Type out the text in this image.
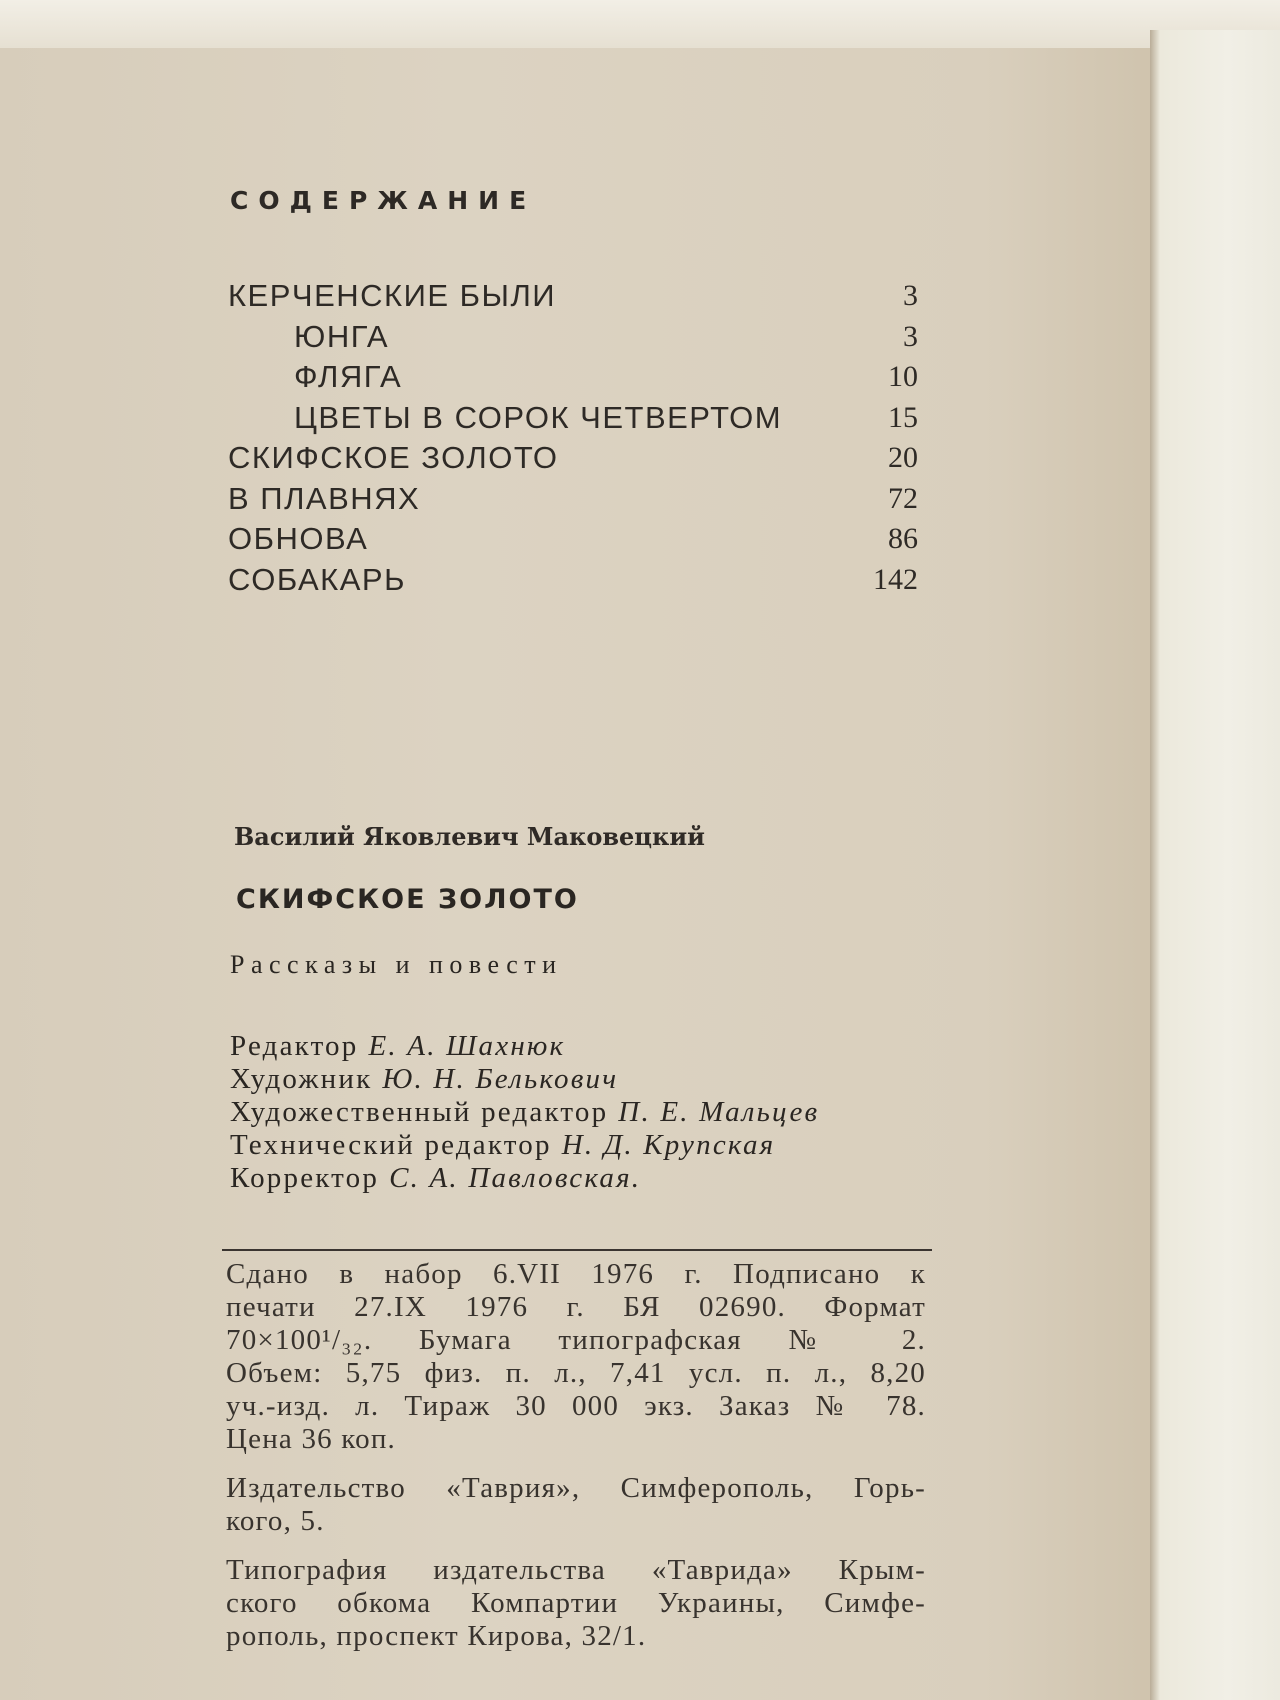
СОДЕРЖАНИЕ
КЕРЧЕНСКИЕ БЫЛИ	3
ЮНГА	3
ФЛЯГА	10
ЦВЕТЫ В СОРОК ЧЕТВЕРТОМ	15
СКИФСКОЕ ЗОЛОТО	20
В ПЛАВНЯХ	72
ОБНОВА	86
СОБАКАРЬ	142
Василий Яковлевич Маковецкий
СКИФСКОЕ ЗОЛОТО
Рассказы и повести
Редактор Е. А. Шахнюк
Художник Ю. Н. Белькович
Художественный редактор П. Е. Мальцев
Технический редактор Н. Д. Крупская
Корректор С. А. Павловская.
Сдано в набор 6.VII 1976 г. Подписано к
печати 27.IX 1976 г. БЯ 02690. Формат
70×100¹/₃₂. Бумага типографская № 2.
Объем: 5,75 физ. п. л., 7,41 усл. п. л., 8,20
уч.-изд. л. Тираж 30 000 экз. Заказ № 78.
Цена 36 коп.
Издательство «Таврия», Симферополь, Горь-
кого, 5.
Типография издательства «Таврида» Крым-
ского обкома Компартии Украины, Симфе-
рополь, проспект Кирова, 32/1.
